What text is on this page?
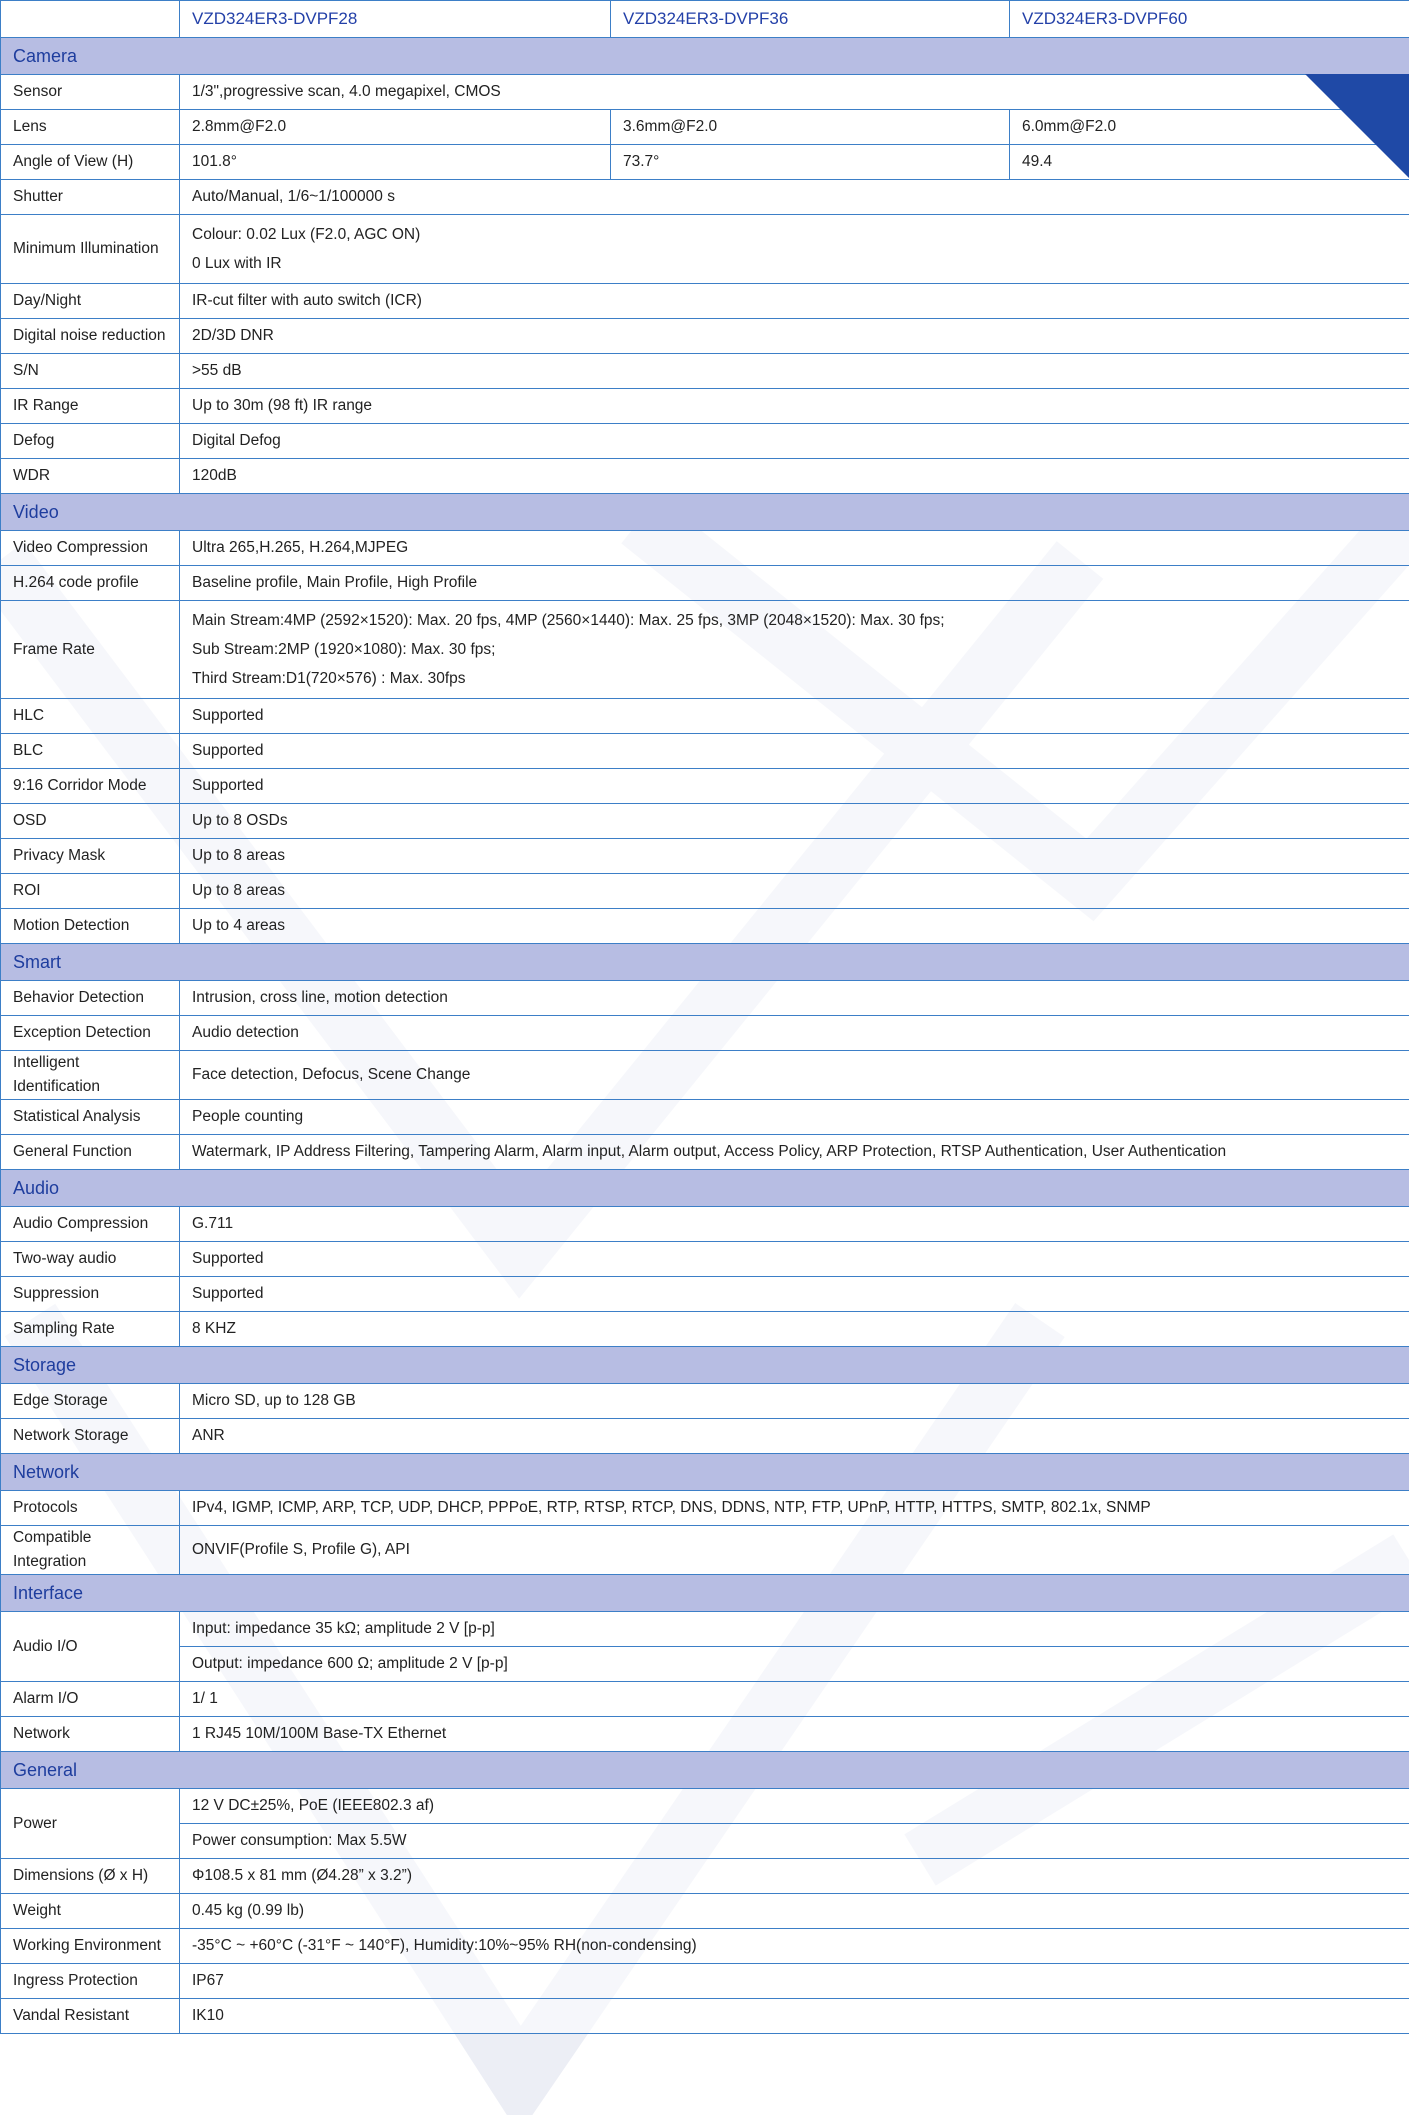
	VZD324ER3-DVPF28	VZD324ER3-DVPF36	VZD324ER3-DVPF60
Camera			
Sensor	1/3",progressive scan, 4.0 megapixel, CMOS		
Lens	2.8mm@F2.0	3.6mm@F2.0	6.0mm@F2.0
Angle of View (H)	101.8°	73.7°	49.4
Shutter	Auto/Manual, 1/6~1/100000 s		
Minimum Illumination	Colour: 0.02 Lux (F2.0, AGC ON)
0 Lux with IR		

Day/Night	IR-cut filter with auto switch (ICR)		
Digital noise reduction	2D/3D DNR		
S/N	>55 dB		
IR Range	Up to 30m (98 ft) IR range		
Defog	Digital Defog		
WDR	120dB		
Video			
Video Compression	Ultra 265,H.265, H.264,MJPEG		
H.264 code profile	Baseline profile, Main Profile, High Profile		
Frame Rate	Main Stream:4MP (2592×1520): Max. 20 fps, 4MP (2560×1440): Max. 25 fps, 3MP (2048×1520): Max. 30 fps;
Sub Stream:2MP (1920×1080): Max. 30 fps;
Third Stream:D1(720×576) : Max. 30fps		

HLC	Supported		
BLC	Supported		
9:16 Corridor Mode	Supported		
OSD	Up to 8 OSDs		
Privacy Mask	Up to 8 areas		
ROI	Up to 8 areas		
Motion Detection	Up to 4 areas		
Smart			
Behavior Detection	Intrusion, cross line, motion detection		
Exception Detection	Audio detection		
Intelligent Identification	Face detection, Defocus, Scene Change		
Statistical Analysis	People counting		
General Function	Watermark, IP Address Filtering, Tampering Alarm, Alarm input, Alarm output, Access Policy, ARP Protection, RTSP Authentication, User Authentication		
Audio			
Audio Compression	G.711		
Two-way audio	Supported		
Suppression	Supported		
Sampling Rate	8 KHZ		
Storage			
Edge Storage	Micro SD, up to 128 GB		
Network Storage	ANR		
Network			
Protocols	IPv4, IGMP, ICMP, ARP, TCP, UDP, DHCP, PPPoE, RTP, RTSP, RTCP, DNS, DDNS, NTP, FTP, UPnP, HTTP, HTTPS, SMTP, 802.1x, SNMP		
Compatible Integration	ONVIF(Profile S, Profile G), API		
Interface			
Audio I/O	Input: impedance 35 kΩ; amplitude 2 V [p-p]		
	Output: impedance 600 Ω; amplitude 2 V [p-p]		
Alarm I/O	1/ 1		
Network	1 RJ45 10M/100M Base-TX Ethernet		
General			
Power	12 V DC±25%, PoE (IEEE802.3 af)		
	Power consumption: Max 5.5W		
Dimensions (Ø x H)	Φ108.5 x 81 mm (Ø4.28” x 3.2”)		
Weight	0.45 kg (0.99 lb)		
Working Environment	-35°C ~ +60°C (-31°F ~ 140°F), Humidity:10%~95% RH(non-condensing)		
Ingress Protection	IP67		
Vandal Resistant	IK10		
